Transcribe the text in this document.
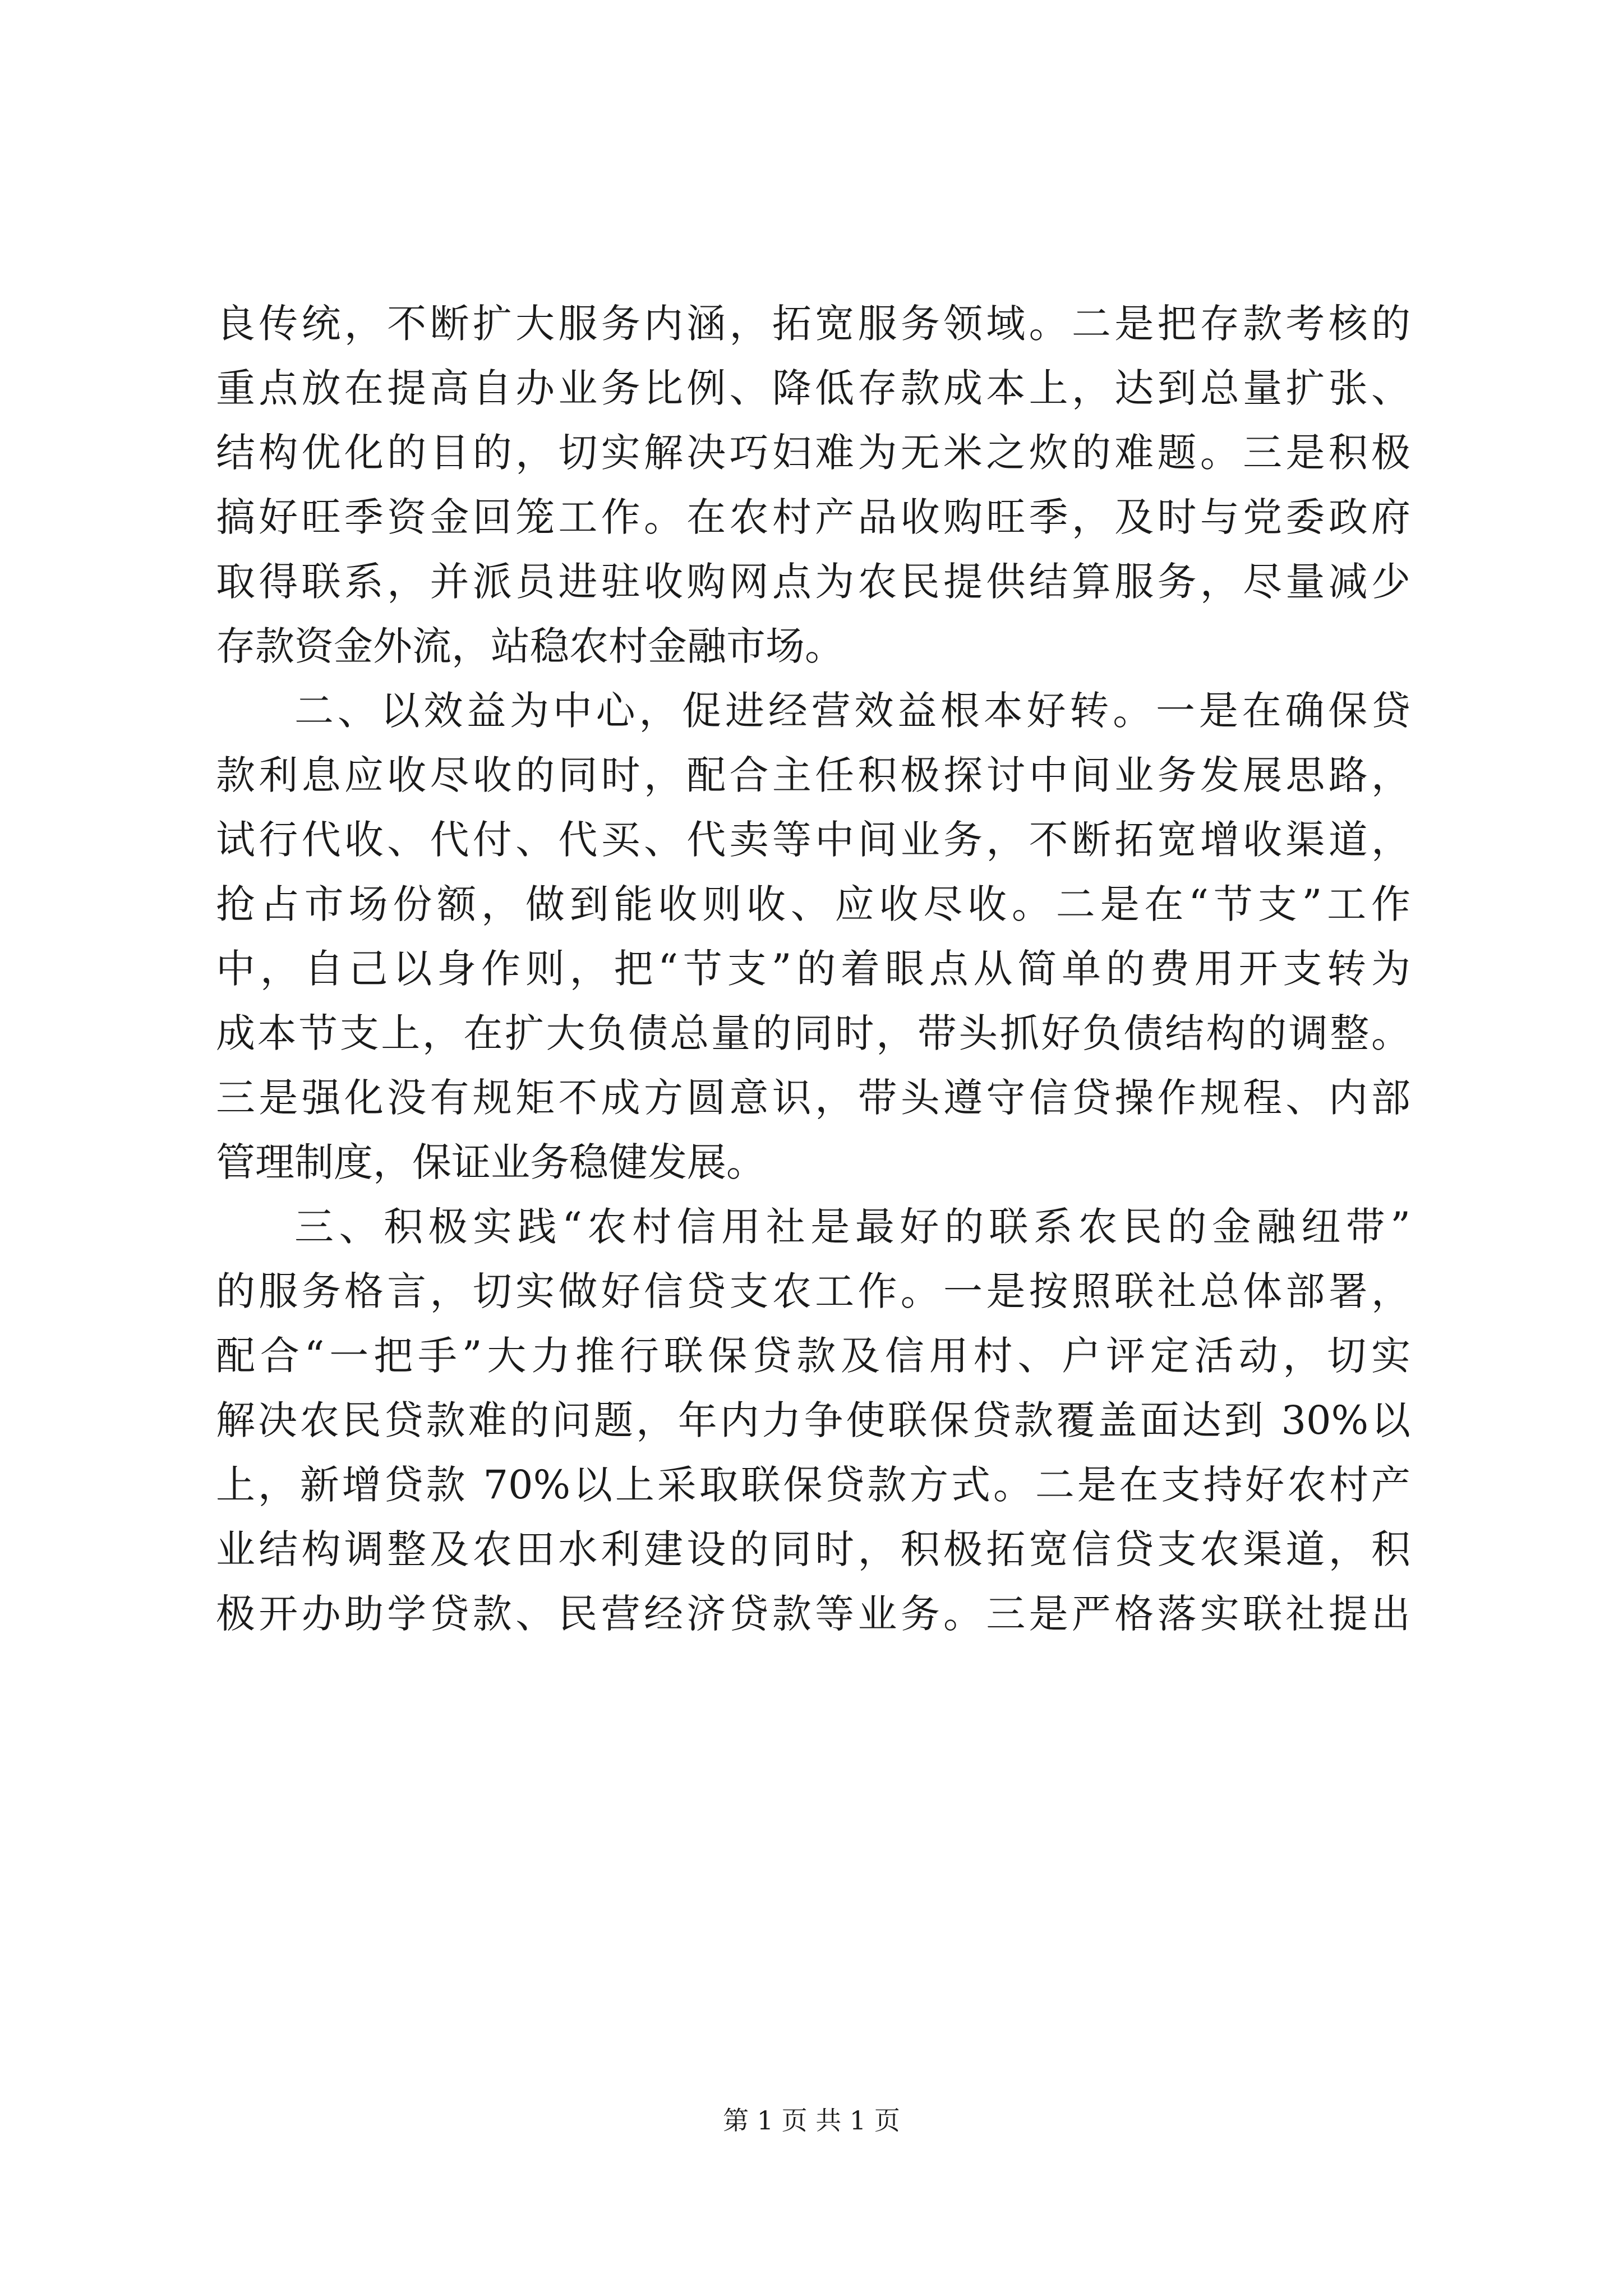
良传统，不断扩大服务内涵，拓宽服务领域。二是把存款考核的
重点放在提高自办业务比例、降低存款成本上，达到总量扩张、
结构优化的目的，切实解决巧妇难为无米之炊的难题。三是积极
搞好旺季资金回笼工作。在农村产品收购旺季，及时与党委政府
取得联系，并派员进驻收购网点为农民提供结算服务，尽量减少
存款资金外流，站稳农村金融市场。
二、以效益为中心，促进经营效益根本好转。一是在确保贷
款利息应收尽收的同时，配合主任积极探讨中间业务发展思路，
试行代收、代付、代买、代卖等中间业务，不断拓宽增收渠道，
抢占市场份额，做到能收则收、应收尽收。二是在“节支”工作
中，自己以身作则，把“节支”的着眼点从简单的费用开支转为
成本节支上，在扩大负债总量的同时，带头抓好负债结构的调整。
三是强化没有规矩不成方圆意识，带头遵守信贷操作规程、内部
管理制度，保证业务稳健发展。
三、积极实践“农村信用社是最好的联系农民的金融纽带”
的服务格言，切实做好信贷支农工作。一是按照联社总体部署，
配合“一把手”大力推行联保贷款及信用村、户评定活动，切实
解决农民贷款难的问题，年内力争使联保贷款覆盖面达到 30%以
上，新增贷款 70%以上采取联保贷款方式。二是在支持好农村产
业结构调整及农田水利建设的同时，积极拓宽信贷支农渠道，积
极开办助学贷款、民营经济贷款等业务。三是严格落实联社提出
第 1 页 共 1 页
